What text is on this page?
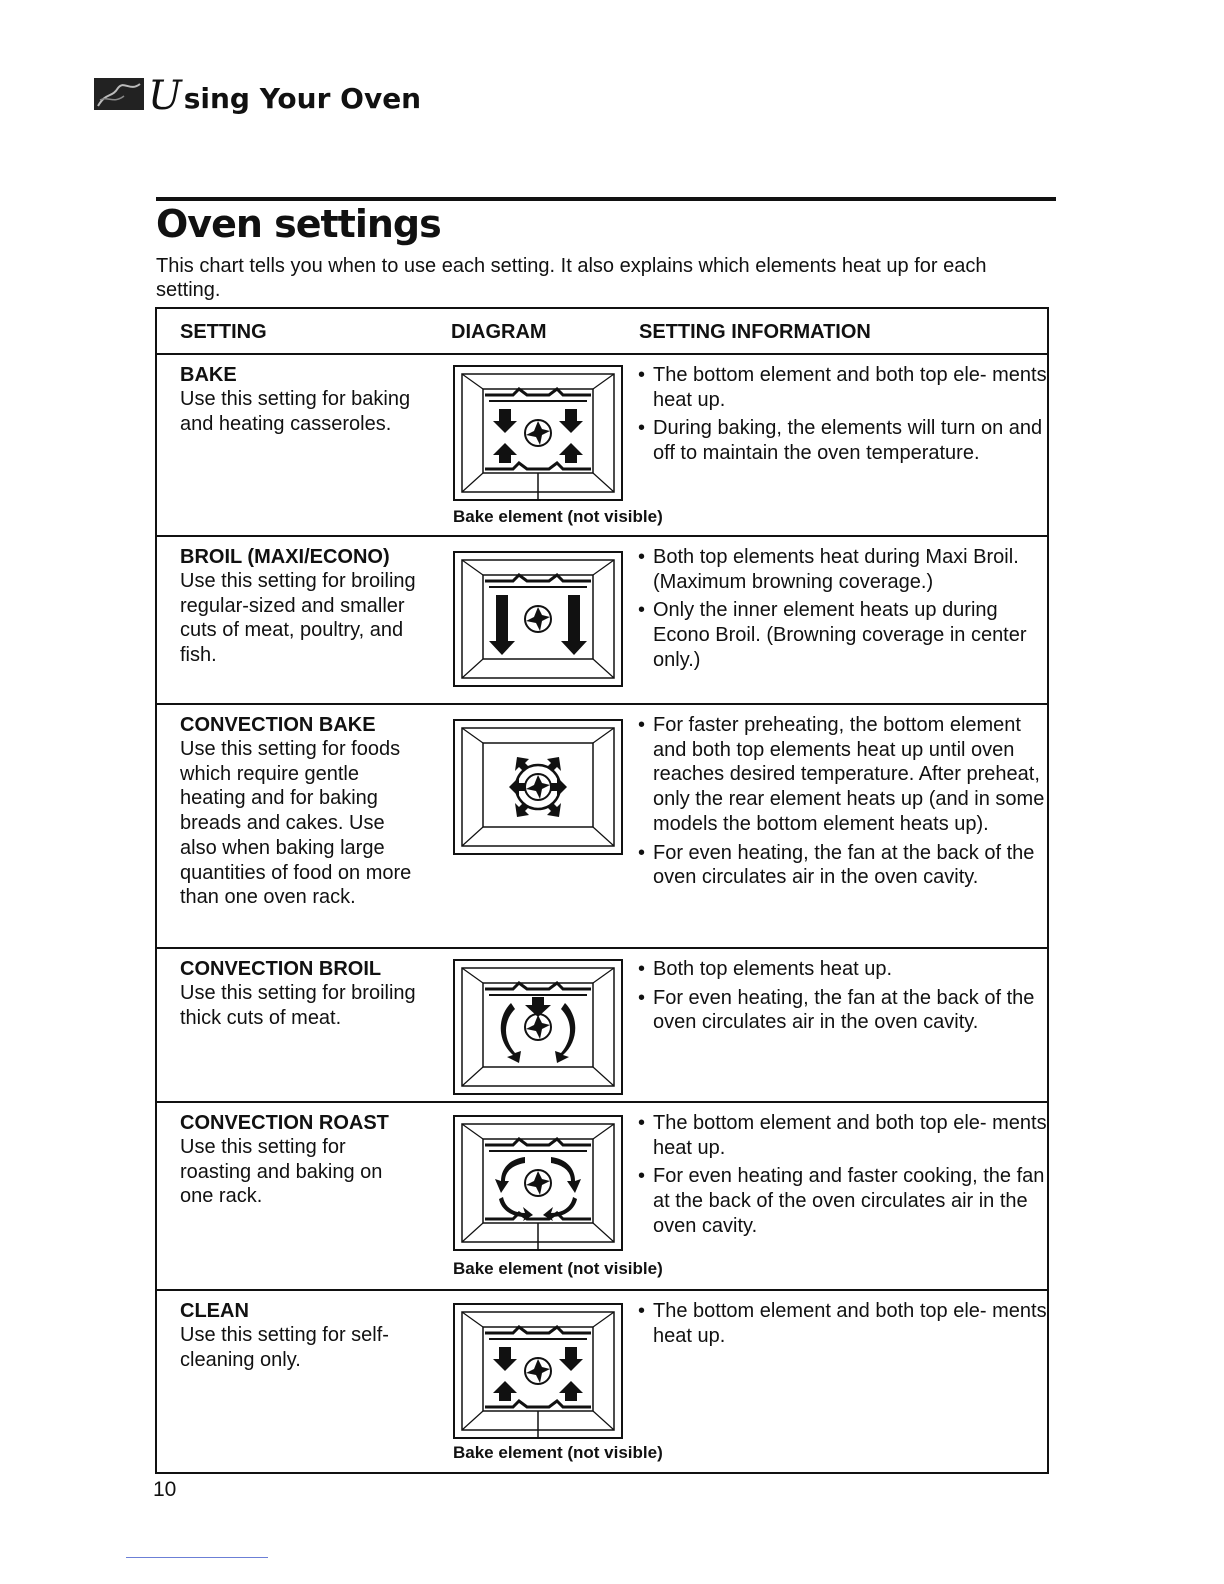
U sing Your Oven
Oven settings

This chart tells you when to use each setting. It also explains which elements heat up for each setting.

SETTING	DIAGRAM	SETTING INFORMATION
BAKE
Use this setting for baking and heating casseroles.
• The bottom element and both top ele- ments heat up.
• During baking, the elements will turn on and off to maintain the oven temperature.
Bake element (not visible)
BROIL (MAXI/ECONO)
Use this setting for broiling regular-sized and smaller cuts of meat, poultry, and fish.
• Both top elements heat during Maxi Broil. (Maximum browning coverage.)
• Only the inner element heats up during Econo Broil. (Browning coverage in center only.)
CONVECTION BAKE
Use this setting for foods which require gentle heating and for baking breads and cakes. Use also when baking large quantities of food on more than one oven rack.
• For faster preheating, the bottom element and both top elements heat up until oven reaches desired temperature. After preheat, only the rear element heats up (and in some models the bottom element heats up).
• For even heating, the fan at the back of the oven circulates air in the oven cavity.
CONVECTION BROIL
Use this setting for broiling thick cuts of meat.
• Both top elements heat up.
• For even heating, the fan at the back of the oven circulates air in the oven cavity.
CONVECTION ROAST
Use this setting for roasting and baking on one rack.
• The bottom element and both top ele- ments heat up.
• For even heating and faster cooking, the fan at the back of the oven circulates air in the oven cavity.
Bake element (not visible)
CLEAN
Use this setting for self- cleaning only.
• The bottom element and both top ele- ments heat up.
Bake element (not visible)
10
